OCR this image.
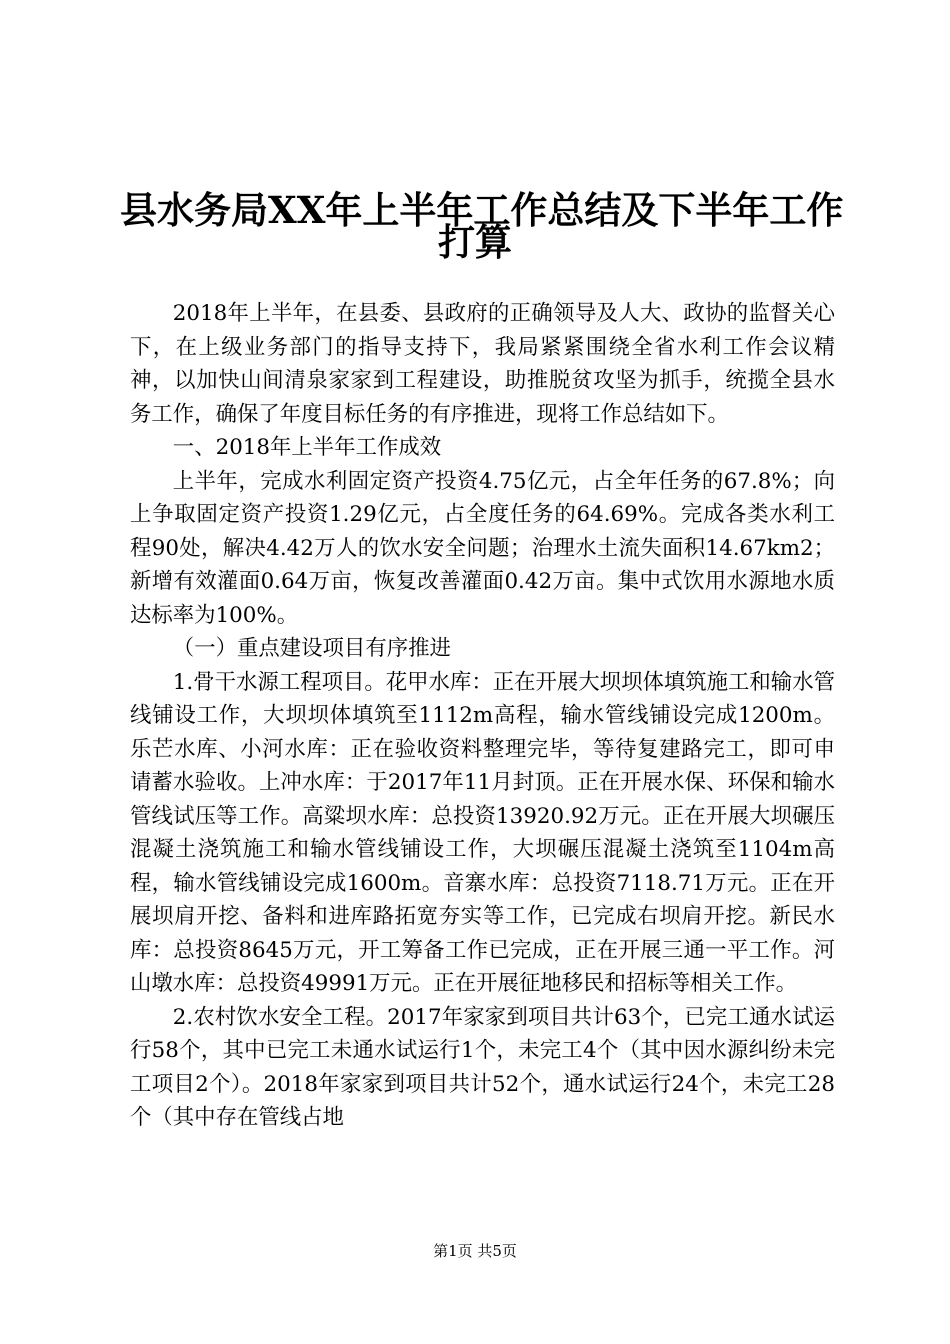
县水务局XX年上半年工作总结及下半年工作
打算

2018年上半年，在县委、县政府的正确领导及人大、政协的监督关心下，在上级业务部门的指导支持下，我局紧紧围绕全省水利工作会议精神，以加快山间清泉家家到工程建设，助推脱贫攻坚为抓手，统揽全县水务工作，确保了年度目标任务的有序推进，现将工作总结如下。

一、2018年上半年工作成效

上半年，完成水利固定资产投资4.75亿元，占全年任务的67.8%；向上争取固定资产投资1.29亿元，占全度任务的64.69%。完成各类水利工程90处，解决4.42万人的饮水安全问题；治理水土流失面积14.67km2；新增有效灌面0.64万亩，恢复改善灌面0.42万亩。集中式饮用水源地水质达标率为100%。

（一）重点建设项目有序推进

1.骨干水源工程项目。花甲水库：正在开展大坝坝体填筑施工和输水管线铺设工作，大坝坝体填筑至1112m高程，输水管线铺设完成1200m。乐芒水库、小河水库：正在验收资料整理完毕，等待复建路完工，即可申请蓄水验收。上冲水库：于2017年11月封顶。正在开展水保、环保和输水管线试压等工作。高粱坝水库：总投资13920.92万元。正在开展大坝碾压混凝土浇筑施工和输水管线铺设工作，大坝碾压混凝土浇筑至1104m高程，输水管线铺设完成1600m。音寨水库：总投资7118.71万元。正在开展坝肩开挖、备料和进库路拓宽夯实等工作，已完成右坝肩开挖。新民水库：总投资8645万元，开工筹备工作已完成，正在开展三通一平工作。河山墩水库：总投资49991万元。正在开展征地移民和招标等相关工作。

2.农村饮水安全工程。2017年家家到项目共计63个，已完工通水试运行58个，其中已完工未通水试运行1个，未完工4个（其中因水源纠纷未完工项目2个）。2018年家家到项目共计52个，通水试运行24个，未完工28个（其中存在管线占地

第1页 共5页
